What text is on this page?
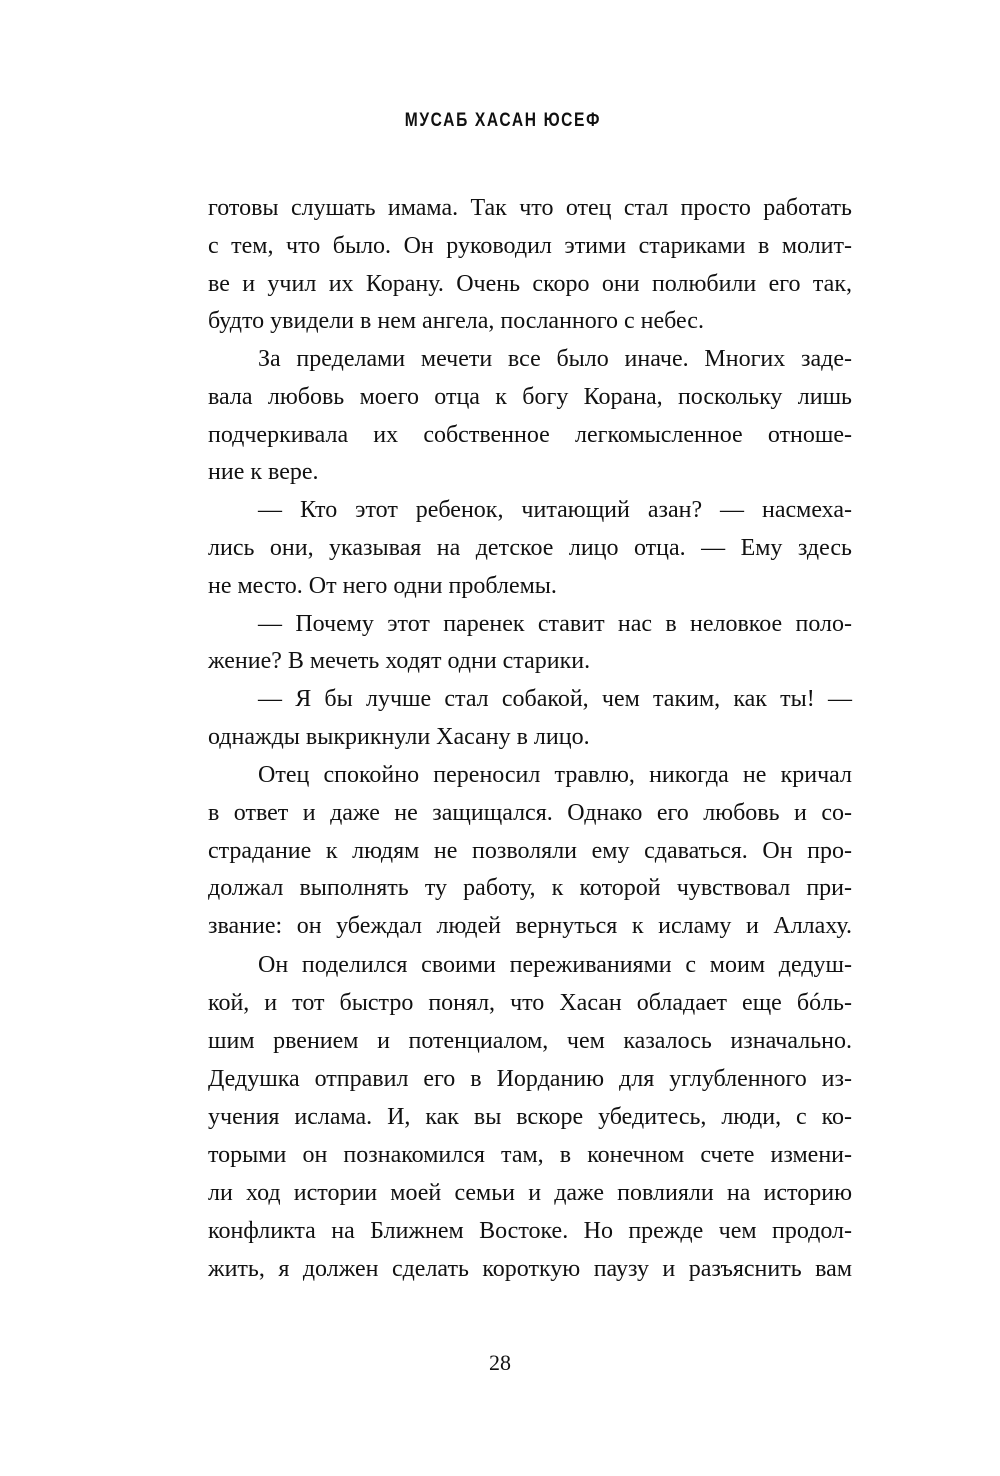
МУСАБ ХАСАН ЮСЕФ
готовы слушать имама. Так что отец стал просто работать
с тем, что было. Он руководил этими стариками в молит-
ве и учил их Корану. Очень скоро они полюбили его так,
будто увидели в нем ангела, посланного с небес.
За пределами мечети все было иначе. Многих заде-
вала любовь моего отца к богу Корана, поскольку лишь
подчеркивала их собственное легкомысленное отноше-
ние к вере.
— Кто этот ребенок, читающий азан? — насмеха-
лись они, указывая на детское лицо отца. — Ему здесь
не место. От него одни проблемы.
— Почему этот паренек ставит нас в неловкое поло-
жение? В мечеть ходят одни старики.
— Я бы лучше стал собакой, чем таким, как ты! —
однажды выкрикнули Хасану в лицо.
Отец спокойно переносил травлю, никогда не кричал
в ответ и даже не защищался. Однако его любовь и со-
страдание к людям не позволяли ему сдаваться. Он про-
должал выполнять ту работу, к которой чувствовал при-
звание: он убеждал людей вернуться к исламу и Аллаху.
Он поделился своими переживаниями с моим дедуш-
кой, и тот быстро понял, что Хасан обладает еще бóль-
шим рвением и потенциалом, чем казалось изначально.
Дедушка отправил его в Иорданию для углубленного из-
учения ислама. И, как вы вскоре убедитесь, люди, с ко-
торыми он познакомился там, в конечном счете измени-
ли ход истории моей семьи и даже повлияли на историю
конфликта на Ближнем Востоке. Но прежде чем продол-
жить, я должен сделать короткую паузу и разъяснить вам
28
